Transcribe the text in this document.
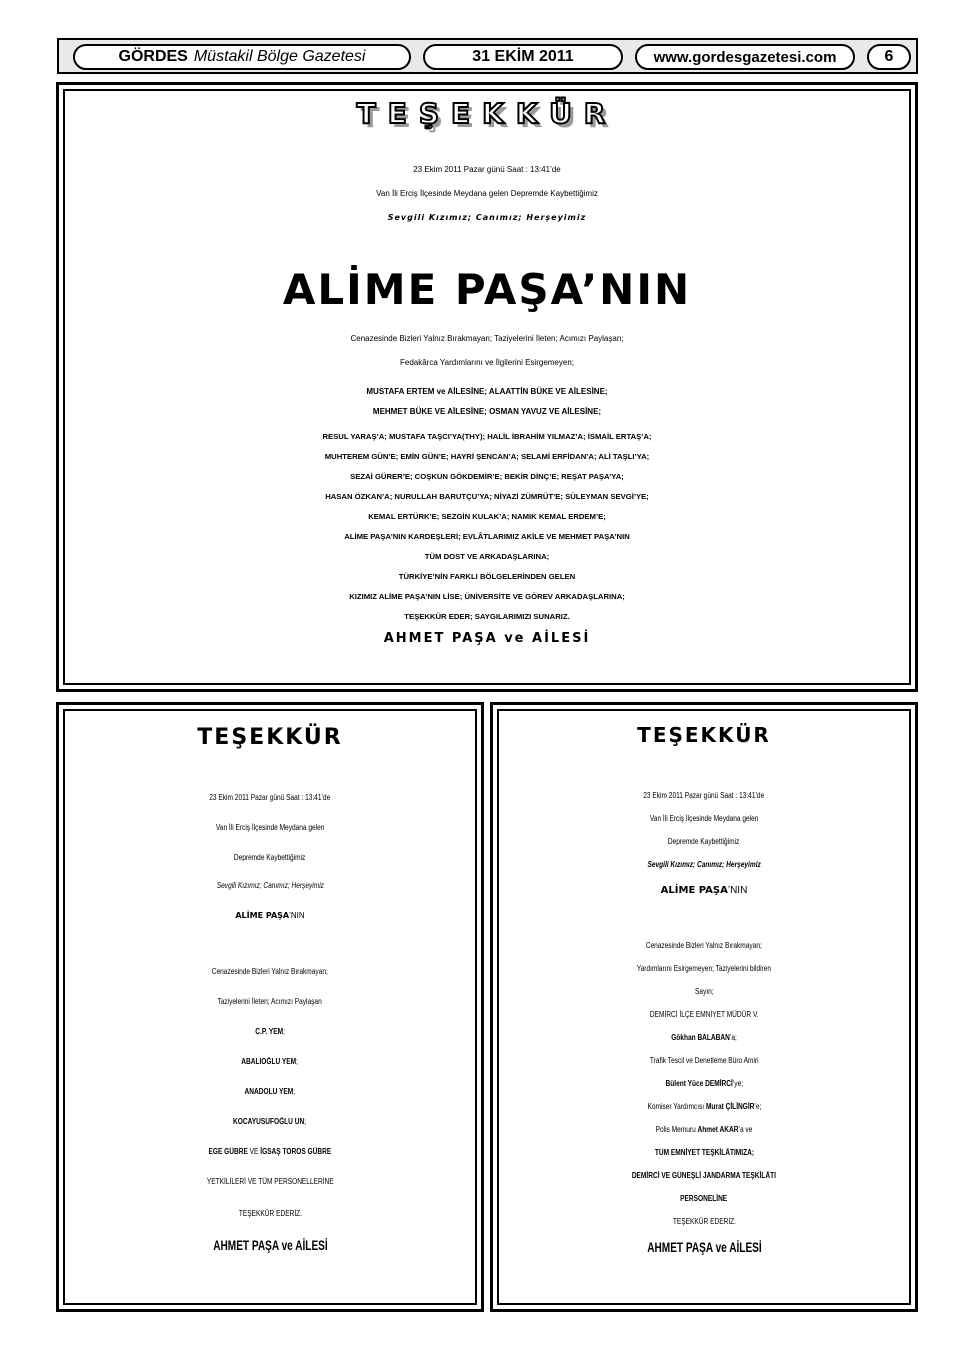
GÖRDES Müstakil Bölge Gazetesi	31 EKİM 2011	www.gordesgazetesi.com	6
TEŞEKKÜR
23 Ekim 2011 Pazar günü Saat : 13:41’de
Van İli Erciş İlçesinde Meydana gelen Depremde Kaybettiğimiz
Sevgili Kızımız; Canımız; Herşeyimiz
ALİME PAŞA’NIN
Cenazesinde Bizleri Yalnız Bırakmayan; Taziyelerini İleten; Acımızı Paylaşan;
Fedakârca Yardımlarını ve İlgilerini Esirgemeyen;
MUSTAFA ERTEM ve AİLESİNE; ALAATTİN BÜKE VE AİLESİNE;
MEHMET BÜKE VE AİLESİNE; OSMAN YAVUZ VE AİLESİNE;
RESUL YARAŞ’A; MUSTAFA TAŞCI’YA(THY); HALİL İBRAHİM YILMAZ’A; İSMAİL ERTAŞ’A;
MUHTEREM GÜN’E; EMİN GÜN’E; HAYRİ ŞENCAN’A; SELAMİ ERFİDAN’A; ALİ TAŞLI’YA;
SEZAİ GÜRER’E; COŞKUN GÖKDEMİR’E; BEKİR DİNÇ’E; REŞAT PAŞA’YA;
HASAN ÖZKAN’A; NURULLAH BARUTÇU’YA; NİYAZİ ZÜMRÜT’E; SÜLEYMAN SEVGİ’YE;
KEMAL ERTÜRK’E; SEZGİN KULAK’A; NAMIK KEMAL ERDEM’E;
ALİME PAŞA’NIN KARDEŞLERİ; EVLÂTLARIMIZ AKİLE VE MEHMET PAŞA’NIN
TÜM DOST VE ARKADAŞLARINA;
TÜRKİYE’NİN FARKLI BÖLGELERİNDEN GELEN
KIZIMIZ ALİME PAŞA’NIN LİSE; ÜNİVERSİTE VE GÖREV ARKADAŞLARINA;
TEŞEKKÜR EDER; SAYGILARIMIZI SUNARIZ.
AHMET PAŞA ve AİLESİ
TEŞEKKÜR
23 Ekim 2011 Pazar günü Saat : 13:41’de
Van İli Erciş İlçesinde Meydana gelen
Depremde Kaybettiğimiz
Sevgili Kızımız; Canımız; Herşeyimiz
ALİME PAŞA’NIN
Cenazesinde Bizleri Yalnız Bırakmayan;
Taziyelerini İleten; Acımızı Paylaşan
C.P. YEM;
ABALIOĞLU YEM;
ANADOLU YEM;
KOCAYUSUFOĞLU UN;
EGE GÜBRE VE İGSAŞ TOROS GÜBRE
YETKİLİLERİ VE TÜM PERSONELLERİNE
TEŞEKKÜR EDERİZ.
AHMET PAŞA ve AİLESİ
TEŞEKKÜR
23 Ekim 2011 Pazar günü Saat : 13:41’de
Van İli Erciş İlçesinde Meydana gelen
Depremde Kaybettiğimiz
Sevgili Kızımız; Canımız; Herşeyimiz
ALİME PAŞA’NIN
Cenazesinde Bizleri Yalnız Bırakmayan;
Yardımlarını Esirgemeyen; Taziyelerini bildiren
Sayın;
DEMİRCİ İLÇE EMNİYET MÜDÜR V.
Gökhan BALABAN’a;
Trafik Tescil ve Denetleme Büro Amiri
Bülent Yüce DEMİRCİ’ye;
Komiser Yardımcısı Murat ÇİLİNGİR’e;
Polis Memuru Ahmet AKAR’a ve
TÜM EMNİYET TEŞKİLÂTIMIZA;
DEMİRCİ VE GÜNEŞLİ JANDARMA TEŞKİLÂTI
PERSONELİNE
TEŞEKKÜR EDERİZ.
AHMET PAŞA ve AİLESİ
